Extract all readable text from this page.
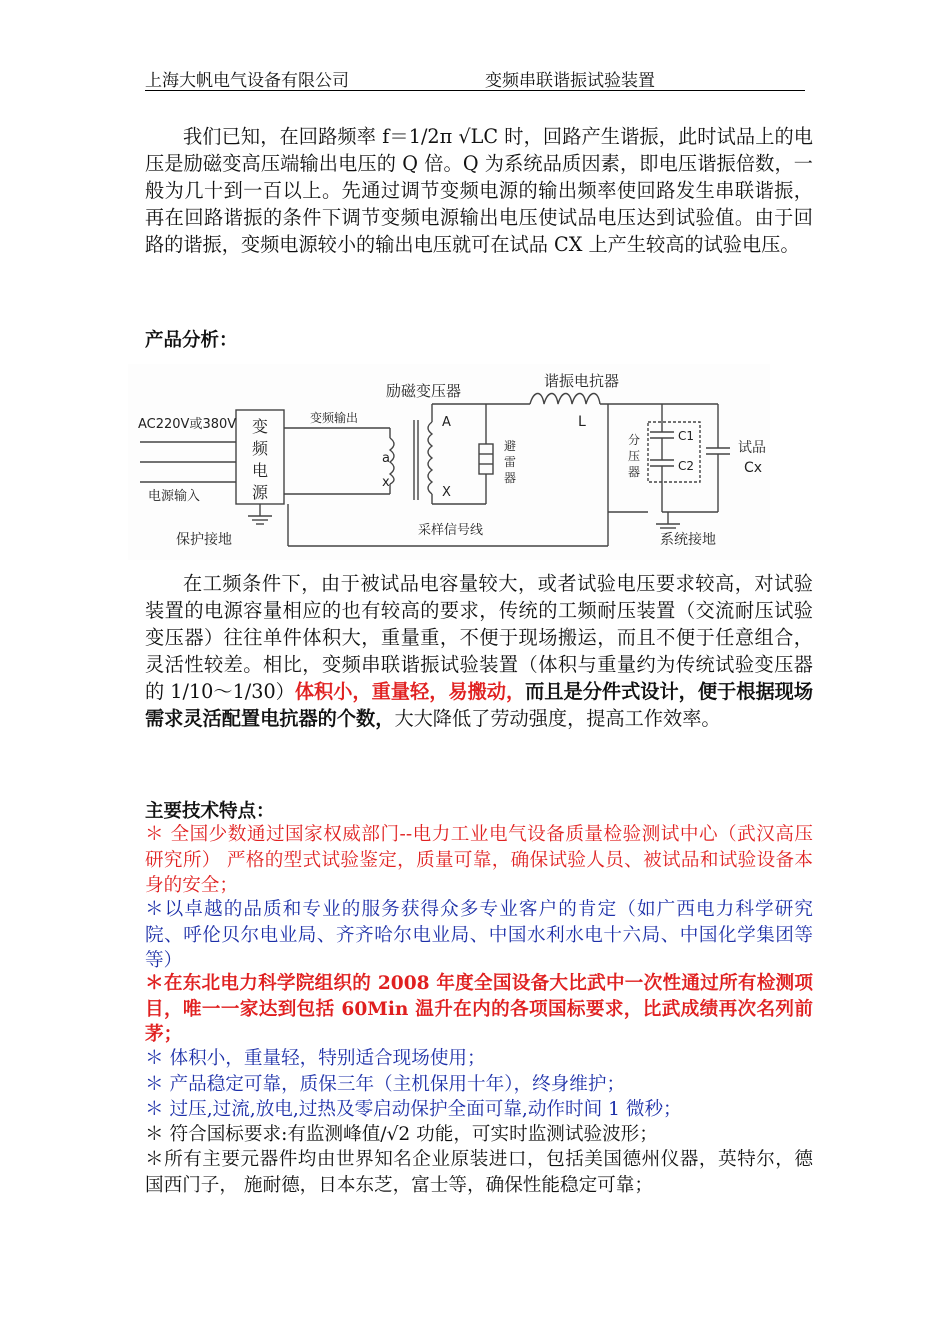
上海大帆电气设备有限公司	变频串联谐振试验装置

我们已知，在回路频率 f＝1/2π √LC 时，回路产生谐振，此时试品上的电压是励磁变高压端输出电压的 Q 倍。Q 为系统品质因素，即电压谐振倍数，一般为几十到一百以上。先通过调节变频电源的输出频率使回路发生串联谐振，再在回路谐振的条件下调节变频电源输出电压使试品电压达到试验值。由于回路的谐振，变频电源较小的输出电压就可在试品 CX 上产生较高的试验电压。

产品分析：

AC220V或380V 变
频
电
源
变频输出
电源输入
励磁变压器
a
x
A
X
避
雷
器
谐振电抗器
L
分
压
器
C1
C2
试品
Cx
保护接地
采样信号线
系统接地

在工频条件下，由于被试品电容量较大，或者试验电压要求较高，对试验装置的电源容量相应的也有较高的要求，传统的工频耐压装置（交流耐压试验变压器）往往单件体积大，重量重，不便于现场搬运，而且不便于任意组合，灵活性较差。相比，变频串联谐振试验装置（体积与重量约为传统试验变压器的 1/10～1/30）体积小，重量轻，易搬动，而且是分件式设计，便于根据现场需求灵活配置电抗器的个数，大大降低了劳动强度，提高工作效率。

主要技术特点：

＊ 全国少数通过国家权威部门--电力工业电气设备质量检验测试中心（武汉高压研究所） 严格的型式试验鉴定，质量可靠，确保试验人员、被试品和试验设备本身的安全；

＊以卓越的品质和专业的服务获得众多专业客户的肯定（如广西电力科学研究院、呼伦贝尔电业局、齐齐哈尔电业局、中国水利水电十六局、中国化学集团等等）

＊在东北电力科学院组织的 2008 年度全国设备大比武中一次性通过所有检测项目，唯一一家达到包括 60Min 温升在内的各项国标要求，比武成绩再次名列前茅；

＊ 体积小，重量轻，特别适合现场使用；

＊ 产品稳定可靠，质保三年（主机保用十年），终身维护；

＊ 过压,过流,放电,过热及零启动保护全面可靠,动作时间 1 微秒；

＊ 符合国标要求:有监测峰值/√2 功能，可实时监测试验波形；

＊所有主要元器件均由世界知名企业原装进口，包括美国德州仪器，英特尔，德国西门子， 施耐德，日本东芝，富士等，确保性能稳定可靠；
